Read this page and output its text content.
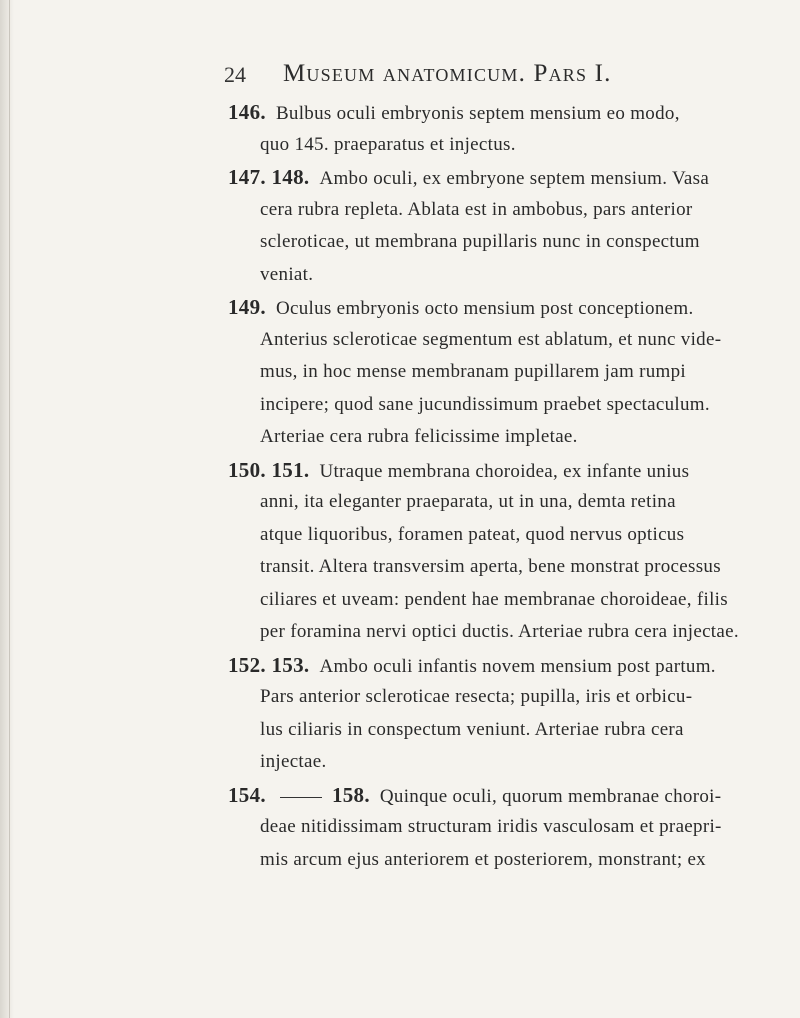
24 Museum anatomicum. Pars I.
146. Bulbus oculi embryonis septem mensium eo modo,
quo 145. praeparatus et injectus.
147. 148. Ambo oculi, ex embryone septem mensium. Vasa
cera rubra repleta. Ablata est in ambobus, pars anterior
scleroticae, ut membrana pupillaris nunc in conspectum
veniat.
149. Oculus embryonis octo mensium post conceptionem.
Anterius scleroticae segmentum est ablatum, et nunc vide-
mus, in hoc mense membranam pupillarem jam rumpi
incipere; quod sane jucundissimum praebet spectaculum.
Arteriae cera rubra felicissime impletae.
150. 151. Utraque membrana choroidea, ex infante unius
anni, ita eleganter praeparata, ut in una, demta retina
atque liquoribus, foramen pateat, quod nervus opticus
transit. Altera transversim aperta, bene monstrat processus
ciliares et uveam: pendent hae membranae choroideae, filis
per foramina nervi optici ductis. Arteriae rubra cera injectae.
152. 153. Ambo oculi infantis novem mensium post partum.
Pars anterior scleroticae resecta; pupilla, iris et orbicu-
lus ciliaris in conspectum veniunt. Arteriae rubra cera
injectae.
154.	158. Quinque oculi, quorum membranae choroi-
deae nitidissimam structuram iridis vasculosam et praepri-
mis arcum ejus anteriorem et posteriorem, monstrant; ex
